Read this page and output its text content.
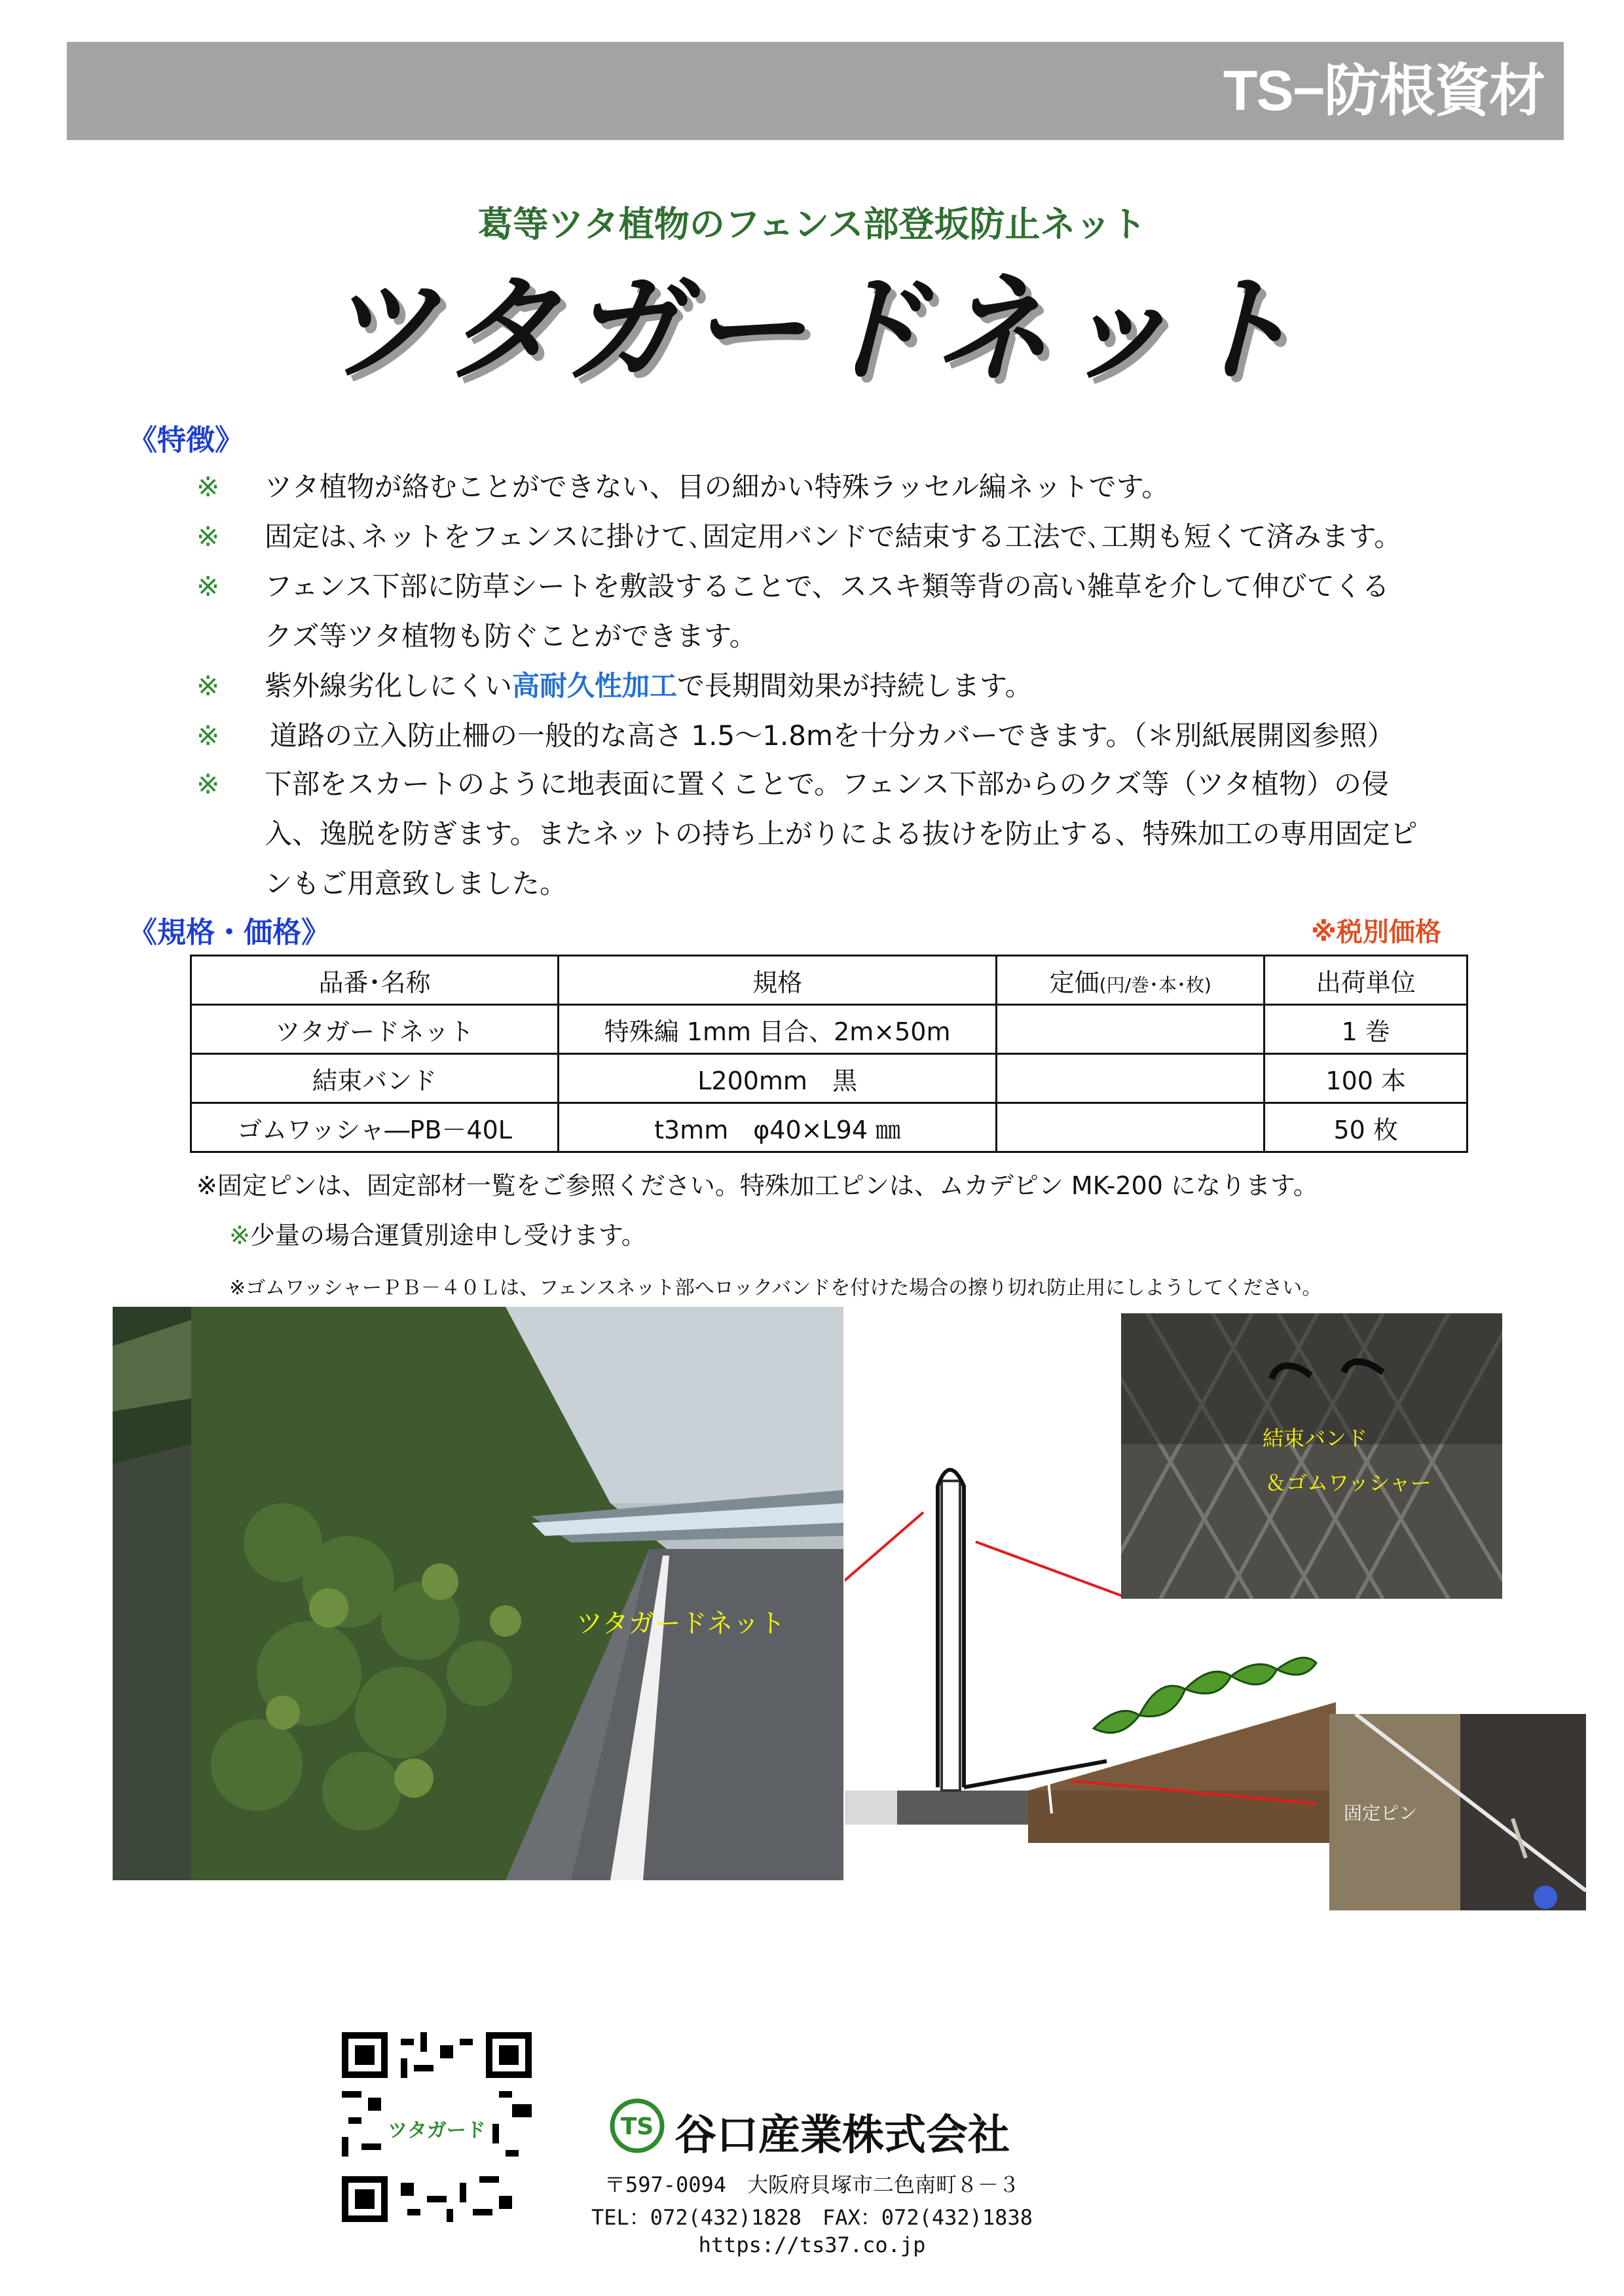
TS−防根資材
葛等ツタ植物のフェンス部登坂防止ネット
ツタガードネット
《特徴》
※ ツタ植物が絡むことができない、目の細かい特殊ラッセル編ネットです。
※ 固定は､ネットをフェンスに掛けて､固定用バンドで結束する工法で､工期も短くて済みます。
※ フェンス下部に防草シートを敷設することで、ススキ類等背の高い雑草を介して伸びてくる
クズ等ツタ植物も防ぐことができます。
※ 紫外線劣化しにくい高耐久性加工で長期間効果が持続します。
※ 道路の立入防止柵の一般的な高さ 1.5～1.8mを十分カバーできます。（＊別紙展開図参照）
※ 下部をスカートのように地表面に置くことで。フェンス下部からのクズ等（ツタ植物）の侵
入、逸脱を防ぎます。またネットの持ち上がりによる抜けを防止する、特殊加工の専用固定ピ
ンもご用意致しました。
《規格・価格》	※税別価格
品番･名称	規格	定価(円/巻･本･枚)	出荷単位
ツタガードネット	特殊編 1mm 目合、2m×50m		1 巻
結束バンド	L200mm　黒		100 本
ゴムワッシャ―PB－40L	t3mm　φ40×L94 ㎜		50 枚
※固定ピンは、固定部材一覧をご参照ください。特殊加工ピンは、ムカデピン MK-200 になります。
※少量の場合運賃別途申し受けます。
※ゴムワッシャーＰＢ－４０Ｌは、フェンスネット部へロックバンドを付けた場合の擦り切れ防止用にしようしてください。
ツタガードネット
結束バンド
＆ゴムワッシャー
固定ピン
ツタガード	TS 谷口産業株式会社
〒597-0094　大阪府貝塚市二色南町８－３
TEL：072(432)1828　FAX：072(432)1838
https://ts37.co.jp
